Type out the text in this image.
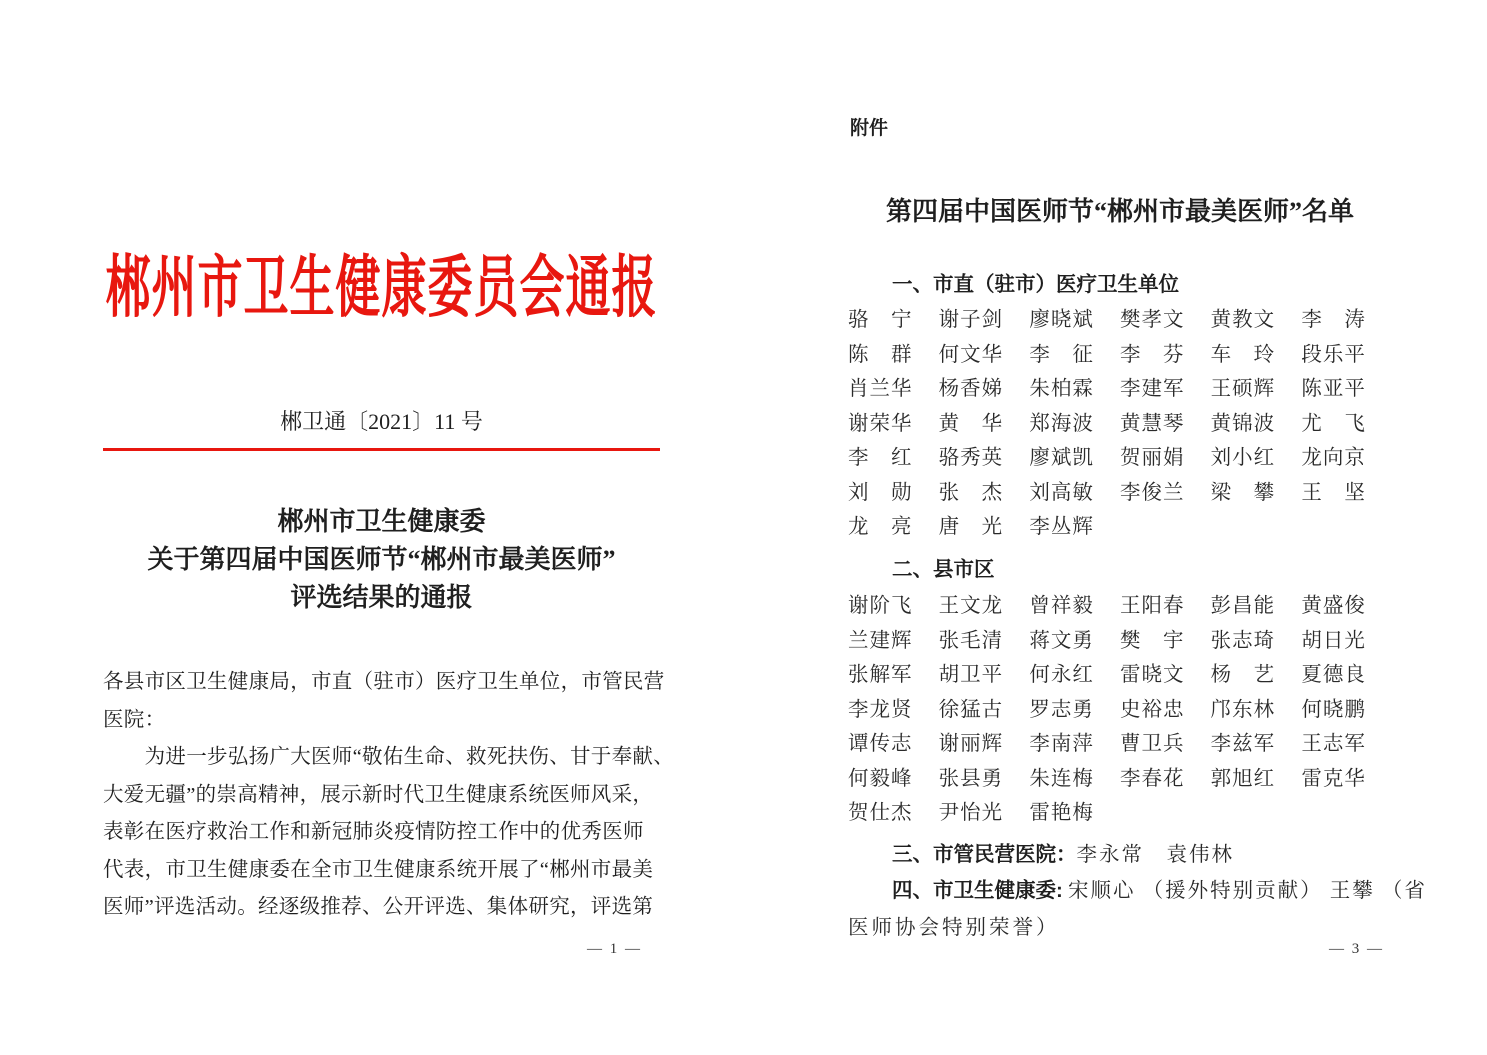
郴州市卫生健康委员会通报
郴卫通〔2021〕11 号
郴州市卫生健康委
关于第四届中国医师节“郴州市最美医师”
评选结果的通报
各县市区卫生健康局，市直（驻市）医疗卫生单位，市管民营
医院：
　　为进一步弘扬广大医师“敬佑生命、救死扶伤、甘于奉献、
大爱无疆”的崇高精神，展示新时代卫生健康系统医师风采，
表彰在医疗救治工作和新冠肺炎疫情防控工作中的优秀医师
代表，市卫生健康委在全市卫生健康系统开展了“郴州市最美
医师”评选活动。经逐级推荐、公开评选、集体研究，评选第
— 1 —
附件
第四届中国医师节“郴州市最美医师”名单
一、市直（驻市）医疗卫生单位
骆　宁	谢子剑	廖晓斌	樊孝文	黄教文	李　涛
陈　群	何文华	李　征	李　芬	车　玲	段乐平
肖兰华	杨香娣	朱柏霖	李建军	王硕辉	陈亚平
谢荣华	黄　华	郑海波	黄慧琴	黄锦波	尤　飞
李　红	骆秀英	廖斌凯	贺丽娟	刘小红	龙向京
刘　勋	张　杰	刘高敏	李俊兰	梁　攀	王　坚
龙　亮	唐　光	李丛辉
二、县市区
谢阶飞	王文龙	曾祥毅	王阳春	彭昌能	黄盛俊
兰建辉	张毛清	蒋文勇	樊　宇	张志琦	胡日光
张解军	胡卫平	何永红	雷晓文	杨　艺	夏德良
李龙贤	徐猛古	罗志勇	史裕忠	邝东林	何晓鹏
谭传志	谢丽辉	李南萍	曹卫兵	李兹军	王志军
何毅峰	张县勇	朱连梅	李春花	郭旭红	雷克华
贺仕杰	尹怡光	雷艳梅
三、市管民营医院：李永常　袁伟林
四、市卫生健康委: 宋顺心 （援外特别贡献） 王攀 （省
医师协会特别荣誉）
— 3 —
